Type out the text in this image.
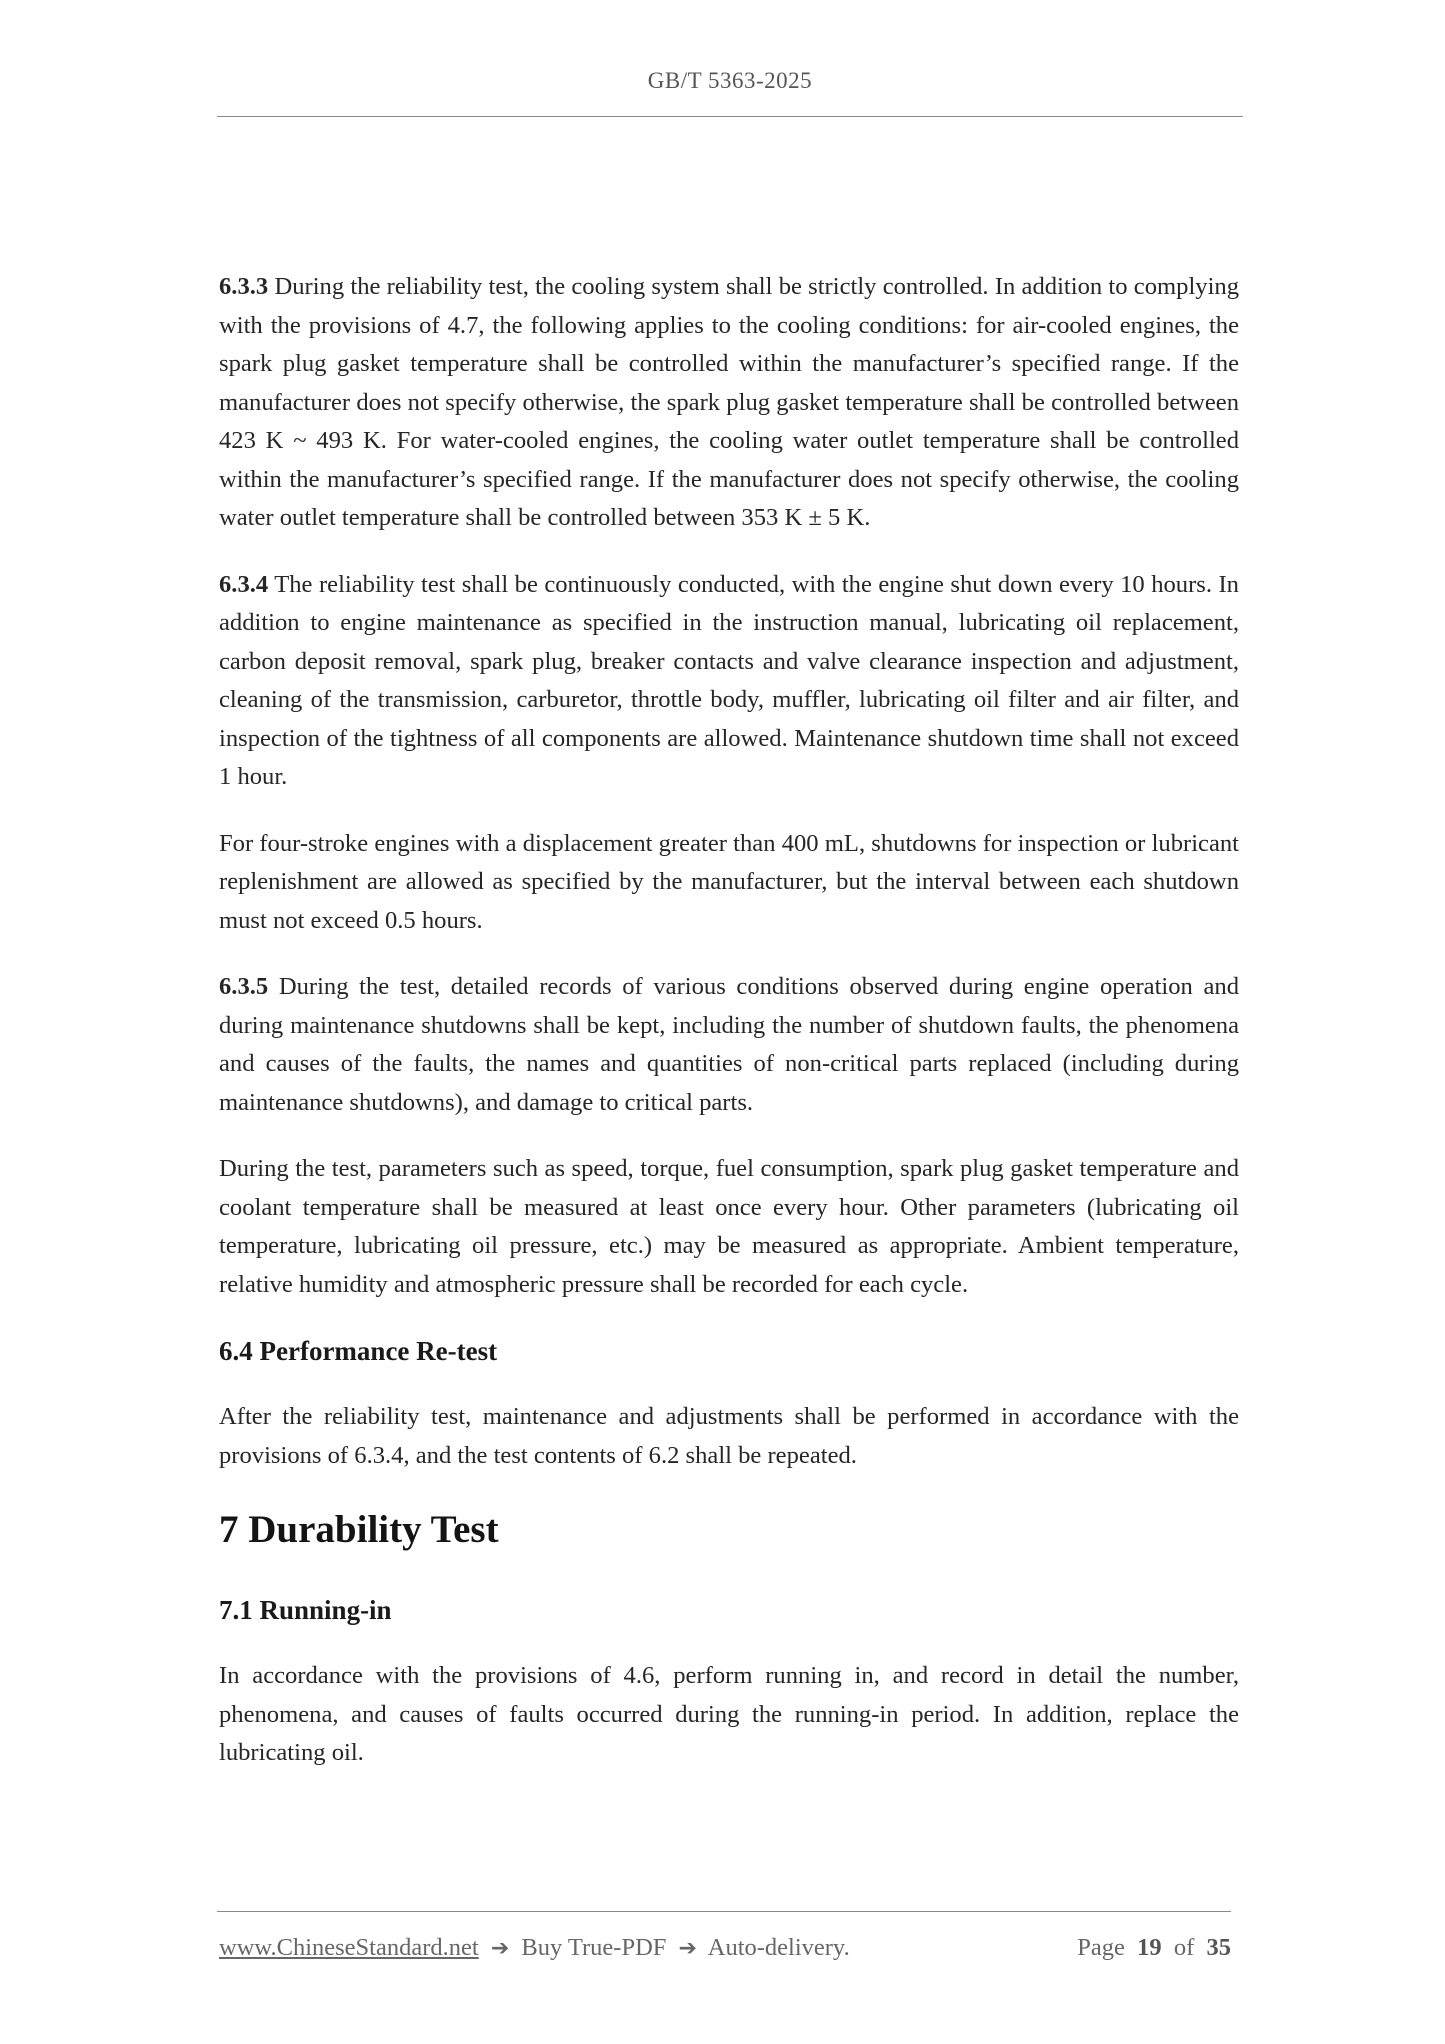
GB/T 5363-2025

6.3.3 During the reliability test, the cooling system shall be strictly controlled. In addition to complying with the provisions of 4.7, the following applies to the cooling conditions: for air-cooled engines, the spark plug gasket temperature shall be controlled within the manufacturer’s specified range. If the manufacturer does not specify otherwise, the spark plug gasket temperature shall be controlled between 423 K ~ 493 K. For water-cooled engines, the cooling water outlet temperature shall be controlled within the manufacturer’s specified range. If the manufacturer does not specify otherwise, the cooling water outlet temperature shall be controlled between 353 K ± 5 K.

6.3.4 The reliability test shall be continuously conducted, with the engine shut down every 10 hours. In addition to engine maintenance as specified in the instruction manual, lubricating oil replacement, carbon deposit removal, spark plug, breaker contacts and valve clearance inspection and adjustment, cleaning of the transmission, carburetor, throttle body, muffler, lubricating oil filter and air filter, and inspection of the tightness of all components are allowed. Maintenance shutdown time shall not exceed 1 hour.

For four-stroke engines with a displacement greater than 400 mL, shutdowns for inspection or lubricant replenishment are allowed as specified by the manufacturer, but the interval between each shutdown must not exceed 0.5 hours.

6.3.5 During the test, detailed records of various conditions observed during engine operation and during maintenance shutdowns shall be kept, including the number of shutdown faults, the phenomena and causes of the faults, the names and quantities of non-critical parts replaced (including during maintenance shutdowns), and damage to critical parts.

During the test, parameters such as speed, torque, fuel consumption, spark plug gasket temperature and coolant temperature shall be measured at least once every hour. Other parameters (lubricating oil temperature, lubricating oil pressure, etc.) may be measured as appropriate. Ambient temperature, relative humidity and atmospheric pressure shall be recorded for each cycle.

6.4 Performance Re-test

After the reliability test, maintenance and adjustments shall be performed in accordance with the provisions of 6.3.4, and the test contents of 6.2 shall be repeated.

7 Durability Test
7.1 Running-in

In accordance with the provisions of 4.6, perform running in, and record in detail the number, phenomena, and causes of faults occurred during the running-in period. In addition, replace the lubricating oil.

www.ChineseStandard.net ➔ Buy True-PDF ➔ Auto-delivery.	Page 19 of 35
